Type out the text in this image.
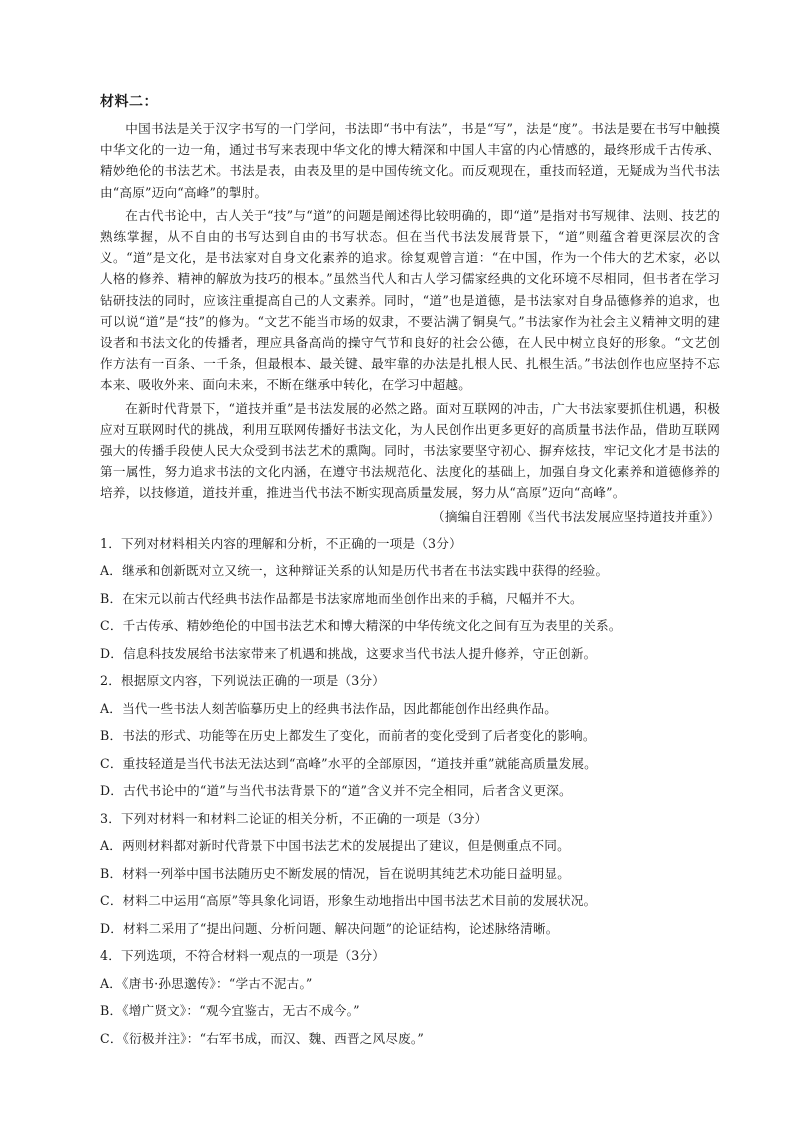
材料二：

中国书法是关于汉字书写的一门学问，书法即“书中有法”，书是“写”，法是“度”。书法是要在书写中触摸中华文化的一边一角，通过书写来表现中华文化的博大精深和中国人丰富的内心情感的，最终形成千古传承、精妙绝伦的书法艺术。书法是表，由表及里的是中国传统文化。而反观现在，重技而轻道，无疑成为当代书法由“高原”迈向“高峰”的掣肘。

在古代书论中，古人关于“技”与“道”的问题是阐述得比较明确的，即“道”是指对书写规律、法则、技艺的熟练掌握，从不自由的书写达到自由的书写状态。但在当代书法发展背景下，“道”则蕴含着更深层次的含义。“道”是文化，是书法家对自身文化素养的追求。徐复观曾言道：“在中国，作为一个伟大的艺术家，必以人格的修养、精神的解放为技巧的根本。”虽然当代人和古人学习儒家经典的文化环境不尽相同，但书者在学习钻研技法的同时，应该注重提高自己的人文素养。同时，“道”也是道德，是书法家对自身品德修养的追求，也可以说“道”是“技”的修为。“文艺不能当市场的奴隶，不要沾满了铜臭气。”书法家作为社会主义精神文明的建设者和书法文化的传播者，理应具备高尚的操守气节和良好的社会公德，在人民中树立良好的形象。“文艺创作方法有一百条、一千条，但最根本、最关键、最牢靠的办法是扎根人民、扎根生活。”书法创作也应坚持不忘本来、吸收外来、面向未来，不断在继承中转化，在学习中超越。

在新时代背景下，“道技并重”是书法发展的必然之路。面对互联网的冲击，广大书法家要抓住机遇，积极应对互联网时代的挑战，利用互联网传播好书法文化，为人民创作出更多更好的高质量书法作品，借助互联网强大的传播手段使人民大众受到书法艺术的熏陶。同时，书法家要坚守初心、摒弃炫技，牢记文化才是书法的第一属性，努力追求书法的文化内涵，在遵守书法规范化、法度化的基础上，加强自身文化素养和道德修养的培养，以技修道，道技并重，推进当代书法不断实现高质量发展，努力从“高原”迈向“高峰”。

（摘编自汪碧刚《当代书法发展应坚持道技并重》）
1．下列对材料相关内容的理解和分析，不正确的一项是（3分）
A．继承和创新既对立又统一，这种辩证关系的认知是历代书者在书法实践中获得的经验。
B．在宋元以前古代经典书法作品都是书法家席地而坐创作出来的手稿，尺幅并不大。
C．千古传承、精妙绝伦的中国书法艺术和博大精深的中华传统文化之间有互为表里的关系。
D．信息科技发展给书法家带来了机遇和挑战，这要求当代书法人提升修养，守正创新。
2．根据原文内容，下列说法正确的一项是（3分）
A．当代一些书法人刻苦临摹历史上的经典书法作品，因此都能创作出经典作品。
B．书法的形式、功能等在历史上都发生了变化，而前者的变化受到了后者变化的影响。
C．重技轻道是当代书法无法达到“高峰”水平的全部原因，“道技并重”就能高质量发展。
D．古代书论中的“道”与当代书法背景下的“道”含义并不完全相同，后者含义更深。
3．下列对材料一和材料二论证的相关分析，不正确的一项是（3分）
A．两则材料都对新时代背景下中国书法艺术的发展提出了建议，但是侧重点不同。
B．材料一列举中国书法随历史不断发展的情况，旨在说明其纯艺术功能日益明显。
C．材料二中运用“高原”等具象化词语，形象生动地指出中国书法艺术目前的发展状况。
D．材料二采用了“提出问题、分析问题、解决问题”的论证结构，论述脉络清晰。
4．下列选项，不符合材料一观点的一项是（3分）
A．《唐书·孙思邈传》：“学古不泥古。”
B．《增广贤文》：“观今宜鉴古，无古不成今。”
C．《衍极并注》：“右军书成，而汉、魏、西晋之风尽废。”
